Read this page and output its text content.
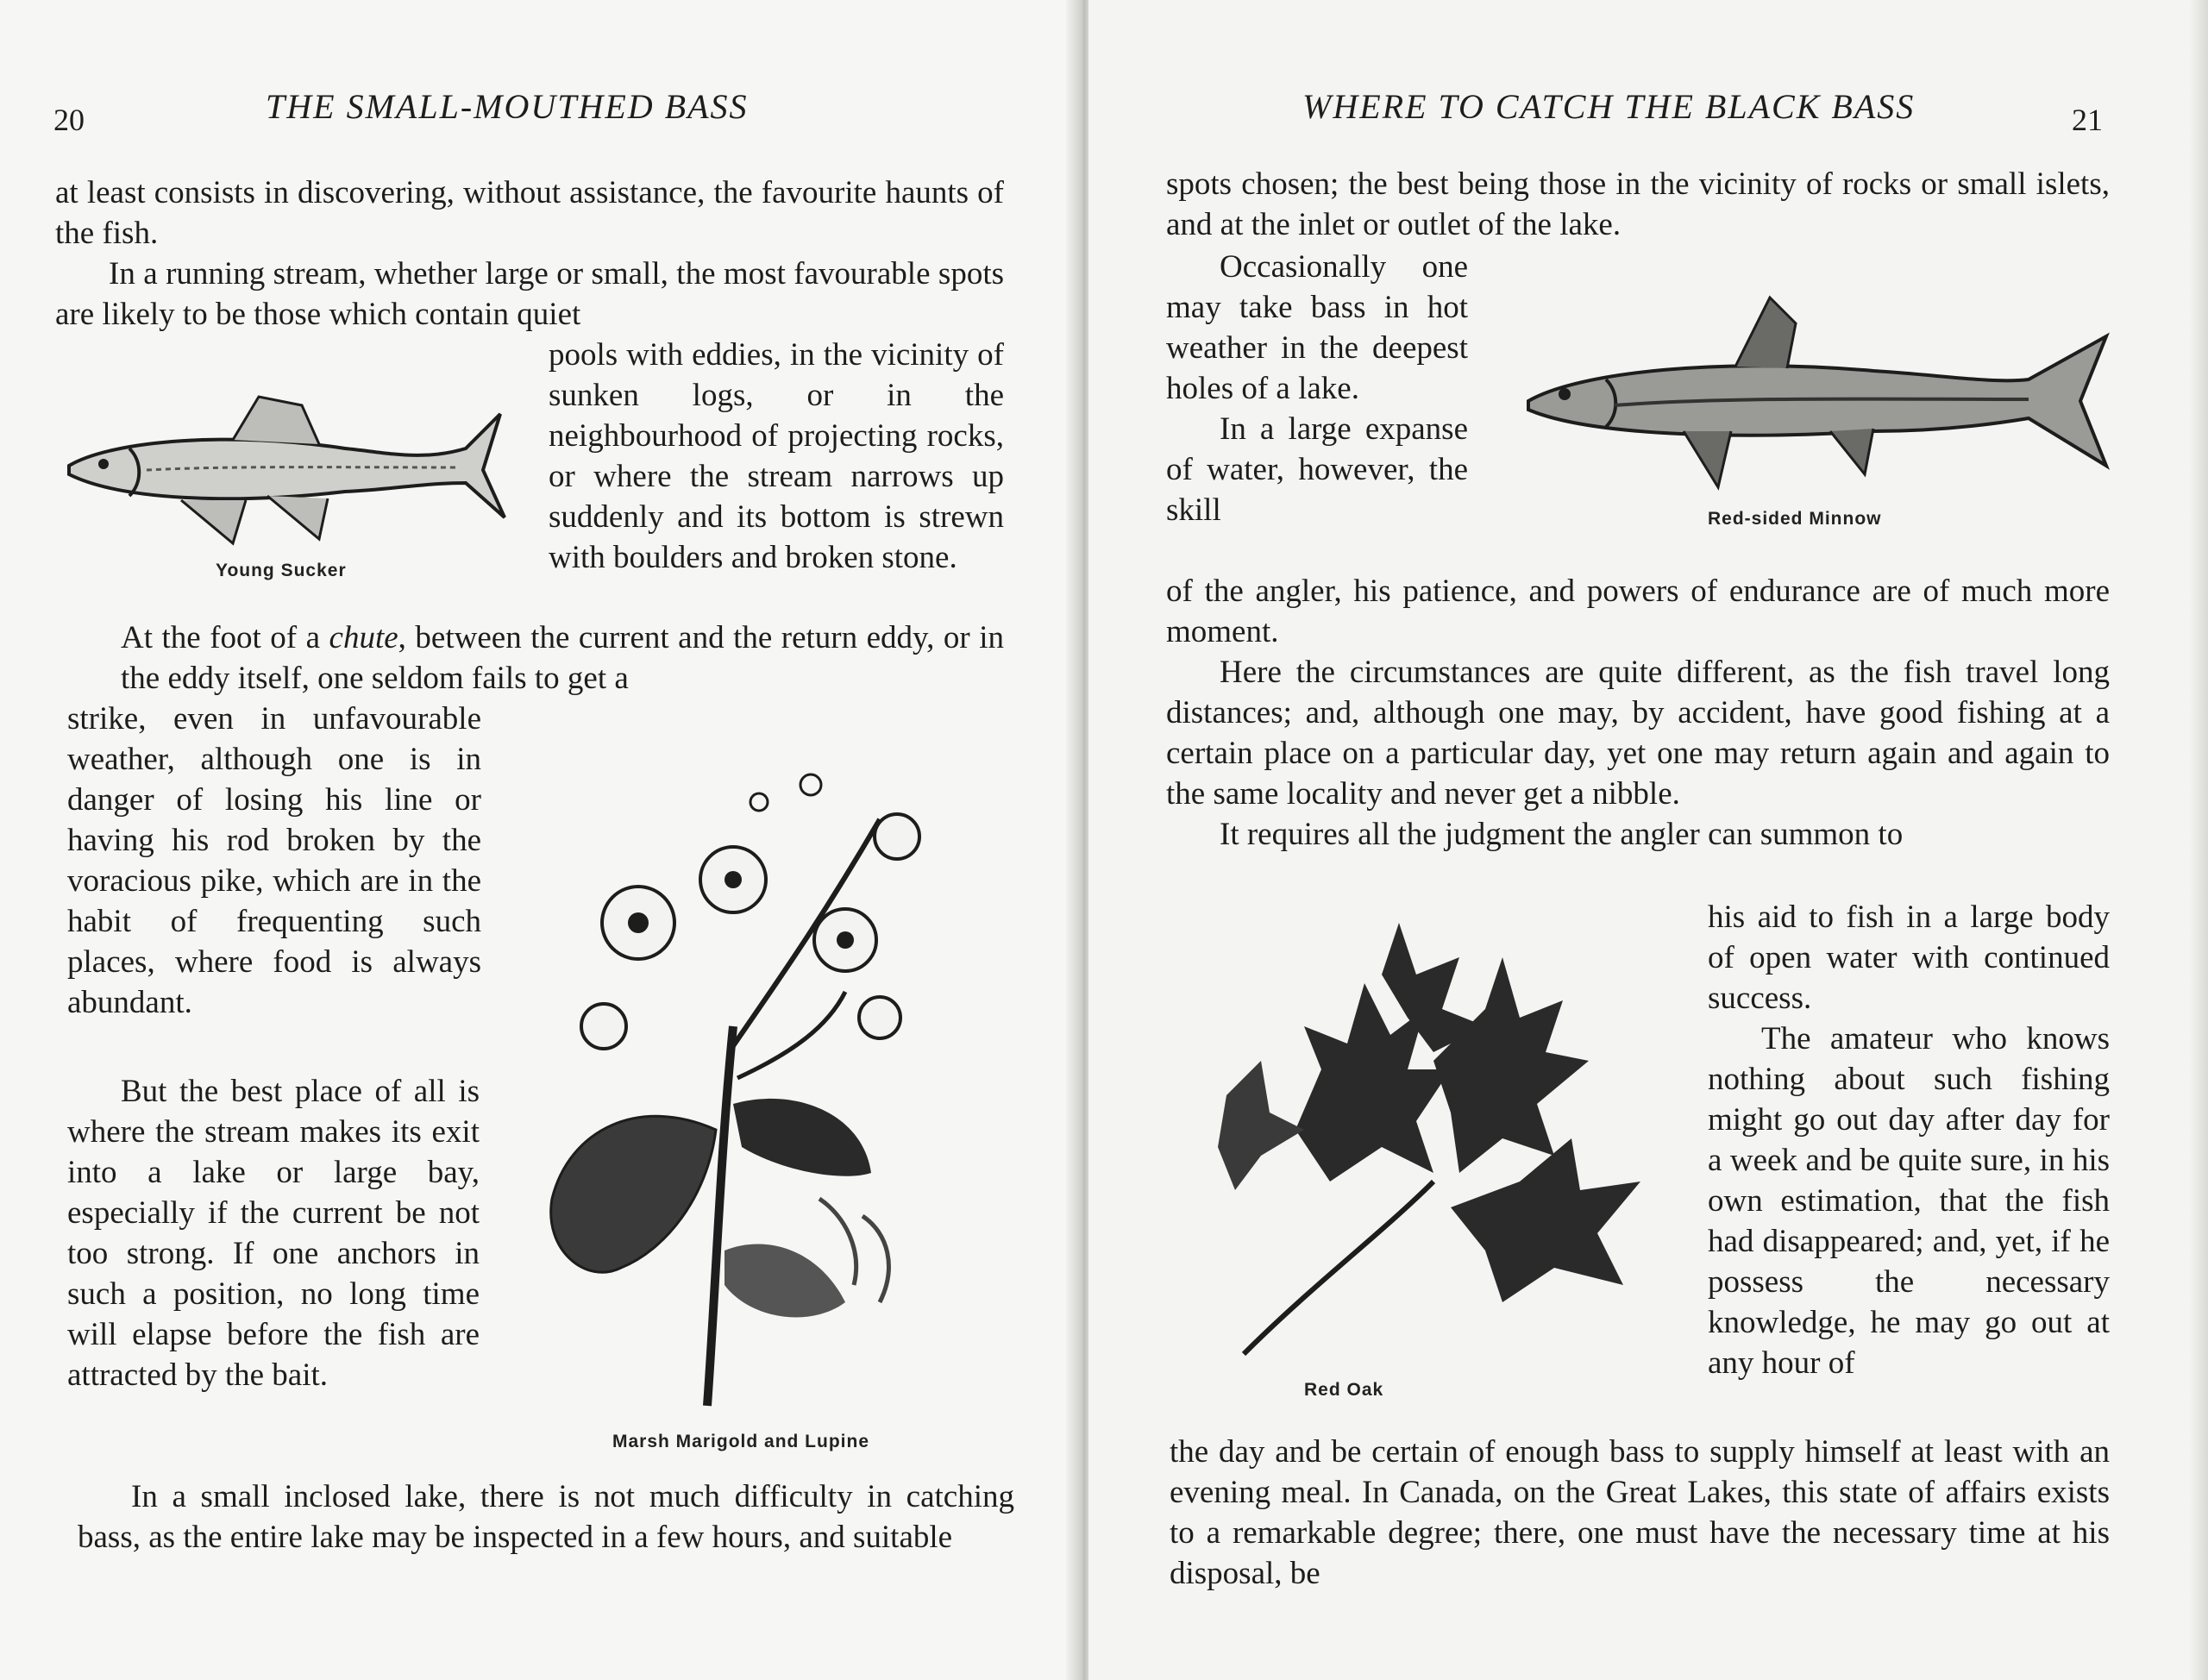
20	THE SMALL-MOUTHED BASS

at least consists in discovering, without assistance, the favourite haunts of the fish.

In a running stream, whether large or small, the most favourable spots are likely to be those which contain quiet

pools with eddies, in the vicinity of sunken logs, or in the neighbourhood of projecting rocks, or where the stream narrows up suddenly and its bottom is strewn with boulders and broken stone.
Young Sucker
At the foot of a chute, between the current and the return eddy, or in the eddy itself, one seldom fails to get a
strike, even in unfavourable weather, although one is in danger of losing his line or having his rod broken by the voracious pike, which are in the habit of frequenting such places, where food is always abundant.
Marsh Marigold and Lupine

But the best place of all is where the stream makes its exit into a lake or large bay, especially if the current be not too strong. If one anchors in such a position, no long time will elapse before the fish are attracted by the bait.

In a small inclosed lake, there is not much difficulty in catching bass, as the entire lake may be inspected in a few hours, and suitable

WHERE TO CATCH THE BLACK BASS	21

spots chosen; the best being those in the vicinity of rocks or small islets, and at the inlet or outlet of the lake.

Occasionally one may take bass in hot weather in the deepest holes of a lake.

In a large expanse of water, however, the skill	Red-sided Minnow

of the angler, his patience, and powers of endurance are of much more moment.

Here the circumstances are quite different, as the fish travel long distances; and, although one may, by accident, have good fishing at a certain place on a particular day, yet one may return again and again to the same locality and never get a nibble.

It requires all the judgment the angler can summon to

his aid to fish in a large body of open water with continued success.

The amateur who knows nothing about such fishing might go out day after day for a week and be quite sure, in his own estimation, that the fish had disappeared; and, yet, if he possess the necessary knowledge, he may go out at any hour of

Red Oak

the day and be certain of enough bass to supply himself at least with an evening meal. In Canada, on the Great Lakes, this state of affairs exists to a remarkable degree; there, one must have the necessary time at his disposal, be
